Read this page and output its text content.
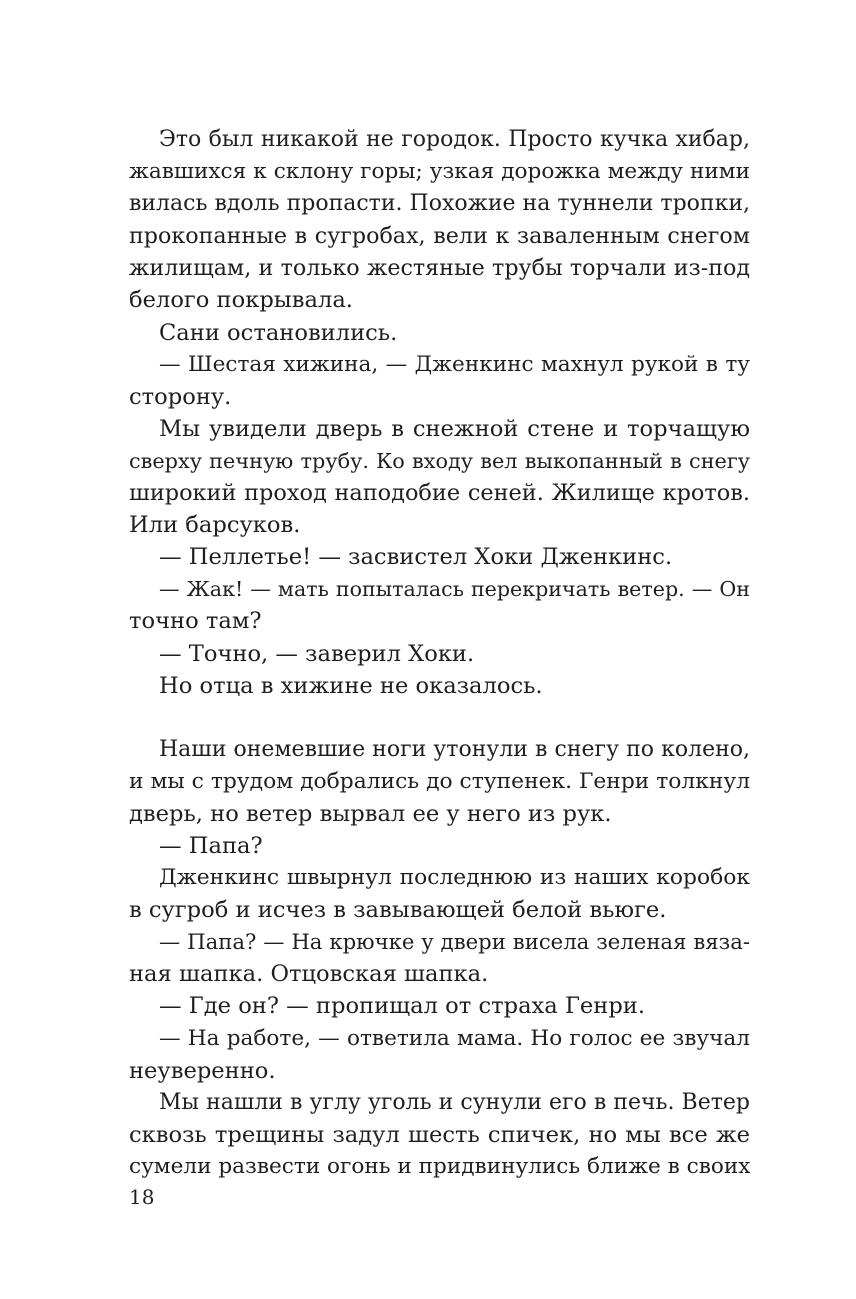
Это был никакой не городок. Просто кучка хибар,
жавшихся к склону горы; узкая дорожка между ними
вилась вдоль пропасти. Похожие на туннели тропки,
прокопанные в сугробах, вели к заваленным снегом
жилищам, и только жестяные трубы торчали из-под
белого покрывала.
Сани остановились.
— Шестая хижина, — Дженкинс махнул рукой в ту
сторону.
Мы увидели дверь в снежной стене и торчащую
сверху печную трубу. Ко входу вел выкопанный в снегу
широкий проход наподобие сеней. Жилище кротов.
Или барсуков.
— Пеллетье! — засвистел Хоки Дженкинс.
— Жак! — мать попыталась перекричать ветер. — Он
точно там?
— Точно, — заверил Хоки.
Но отца в хижине не оказалось.
Наши онемевшие ноги утонули в снегу по колено,
и мы с трудом добрались до ступенек. Генри толкнул
дверь, но ветер вырвал ее у него из рук.
— Папа?
Дженкинс швырнул последнюю из наших коробок
в сугроб и исчез в завывающей белой вьюге.
— Папа? — На крючке у двери висела зеленая вяза-
ная шапка. Отцовская шапка.
— Где он? — пропищал от страха Генри.
— На работе, — ответила мама. Но голос ее звучал
неуверенно.
Мы нашли в углу уголь и сунули его в печь. Ветер
сквозь трещины задул шесть спичек, но мы все же
сумели развести огонь и придвинулись ближе в своих
18
